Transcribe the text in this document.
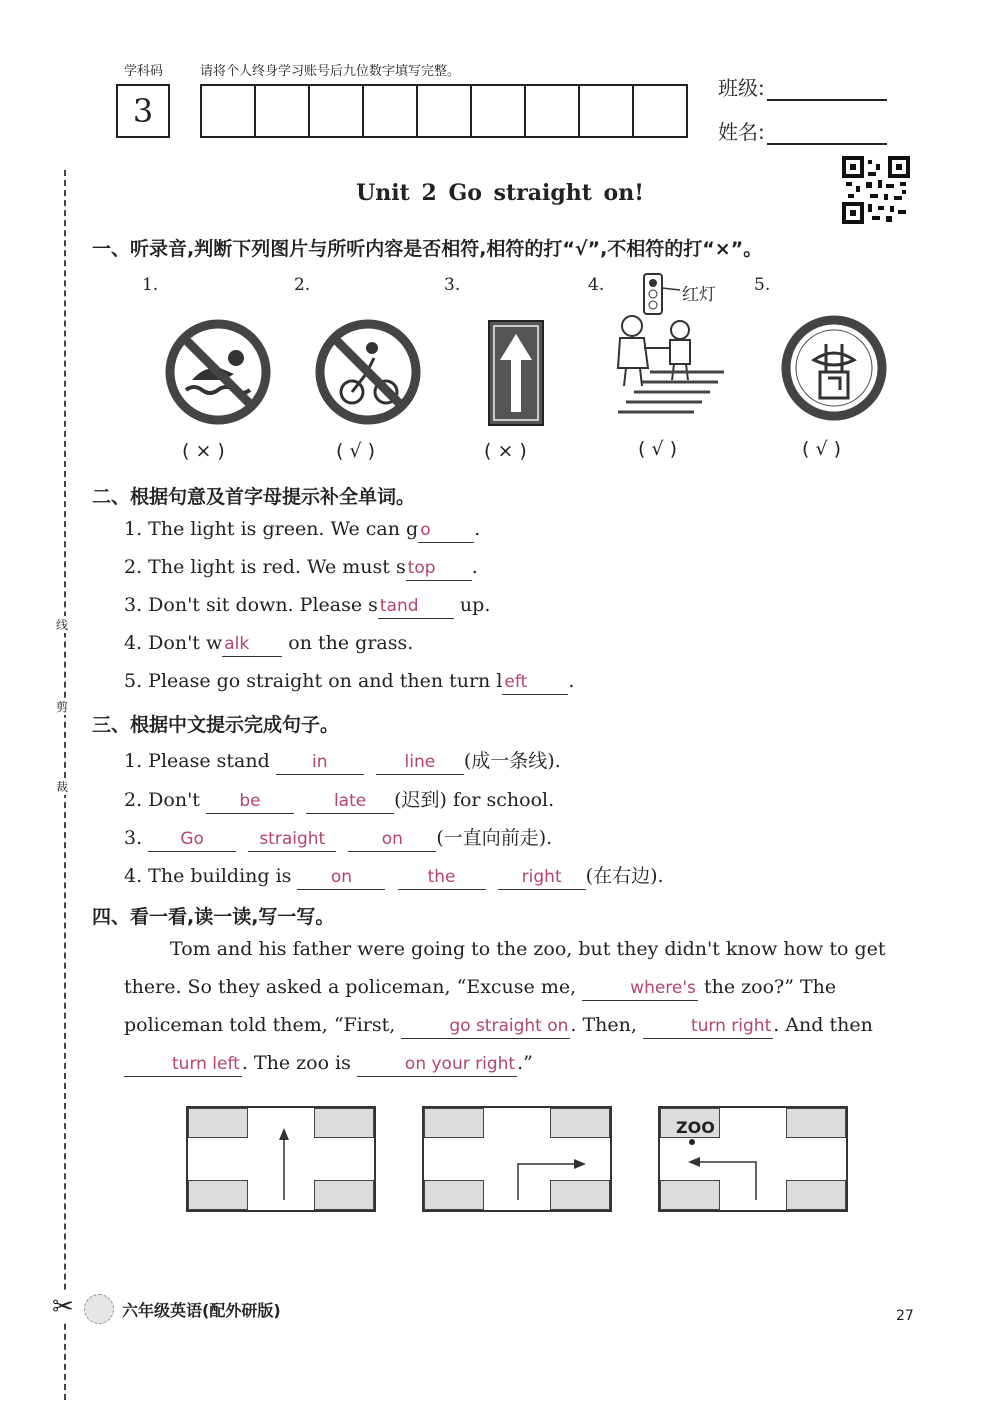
学科码	请将个人终身学习账号后九位数字填写完整。
3
班级:
姓名:
线
剪
裁
✂
Unit 2 Go straight on!
一、听录音,判断下列图片与所听内容是否相符,相符的打“√”,不相符的打“×”。
1.	2.	3.	4.	5.
红灯
( × )	( √ )	( × )	( √ )	( √ )
二、根据句意及首字母提示补全单词。
1. The light is green. We can g o .
2. The light is red. We must s top .
3. Don't sit down. Please s tand up.
4. Don't w alk on the grass.
5. Please go straight on and then turn l eft .
三、根据中文提示完成句子。
1. Please stand in	line (成一条线).
2. Don't be	late (迟到) for school.
3. Go	straight	on (一直向前走).
4. The building is on	the	right (在右边).
四、看一看,读一读,写一写。
Tom and his father were going to the zoo, but they didn't know how to get there. So they asked a policeman, “Excuse me,	where's the zoo?” The policeman told them, “First,	go straight on . Then,	turn right . And then turn left . The zoo is	on your right .”
ZOO
六年级英语(配外研版)	27
